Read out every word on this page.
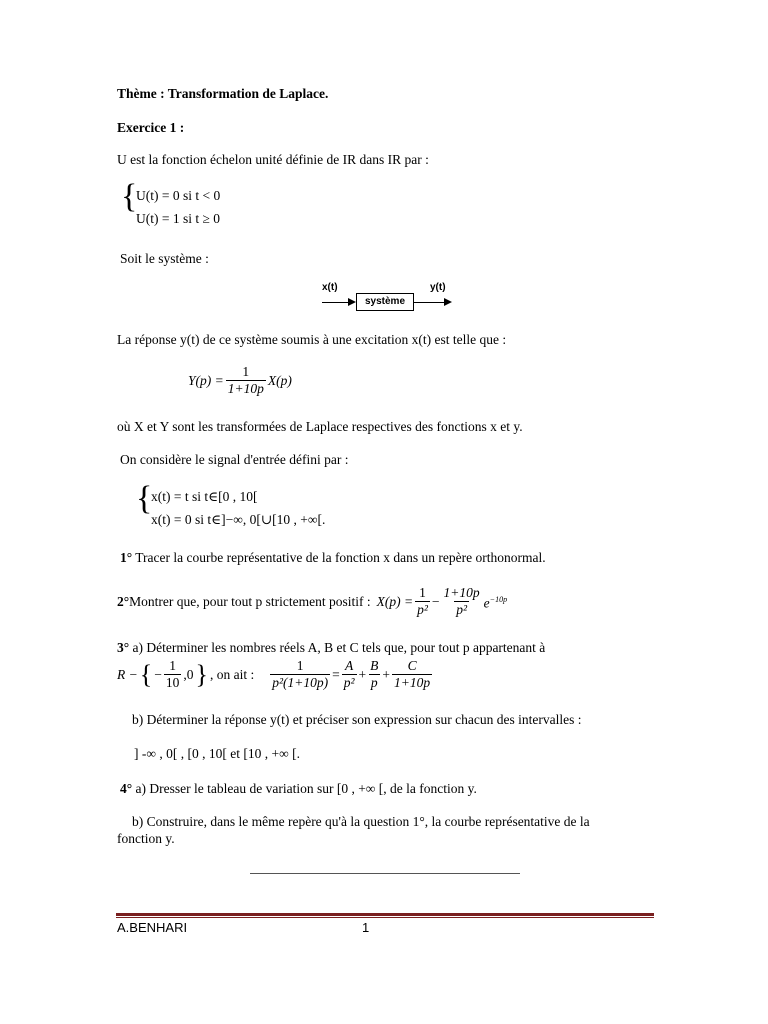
Thème : Transformation de Laplace.
Exercice 1 :
U est la fonction échelon unité définie de IR dans IR par :
{
U(t) = 0 si t < 0
U(t) = 1 si t ≥ 0
Soit le système :
x(t)
système
y(t)
La réponse y(t) de ce système soumis à une excitation x(t) est telle que :
$Y(p) = \frac{1}{1+10p} X(p)$
où X et Y sont les transformées de Laplace respectives des fonctions x et y.
On considère le signal d'entrée défini par :
{
x(t) = t si t∈[0 , 10[
x(t) = 0 si t∈]−∞, 0[∪[10 , +∞[.
1° Tracer la courbe représentative de la fonction x dans un repère orthonormal.
2° Montrer que, pour tout p strictement positif : $X(p) = \frac{1}{\text{p²}} - \frac{1+10p}{\text{p²}} e^{-10p}$
3° a) Déterminer les nombres réels A, B et C tels que, pour tout p appartenant à
R − { − $\frac{1}{10} ,0$ } , on ait : $\frac{1}{\text{p²(1+10p)}} = \frac{A}{\text{p²}} + \frac{B}{p} + \frac{C}{1+10p}$
b) Déterminer la réponse y(t) et préciser son expression sur chacun des intervalles :
] -∞ , 0[ , [0 , 10[ et [10 , +∞ [.
4° a) Dresser le tableau de variation sur [0 , +∞ [, de la fonction y.
b) Construire, dans le même repère qu'à la question 1°, la courbe représentative de la
fonction y.
A.BENHARI	1
